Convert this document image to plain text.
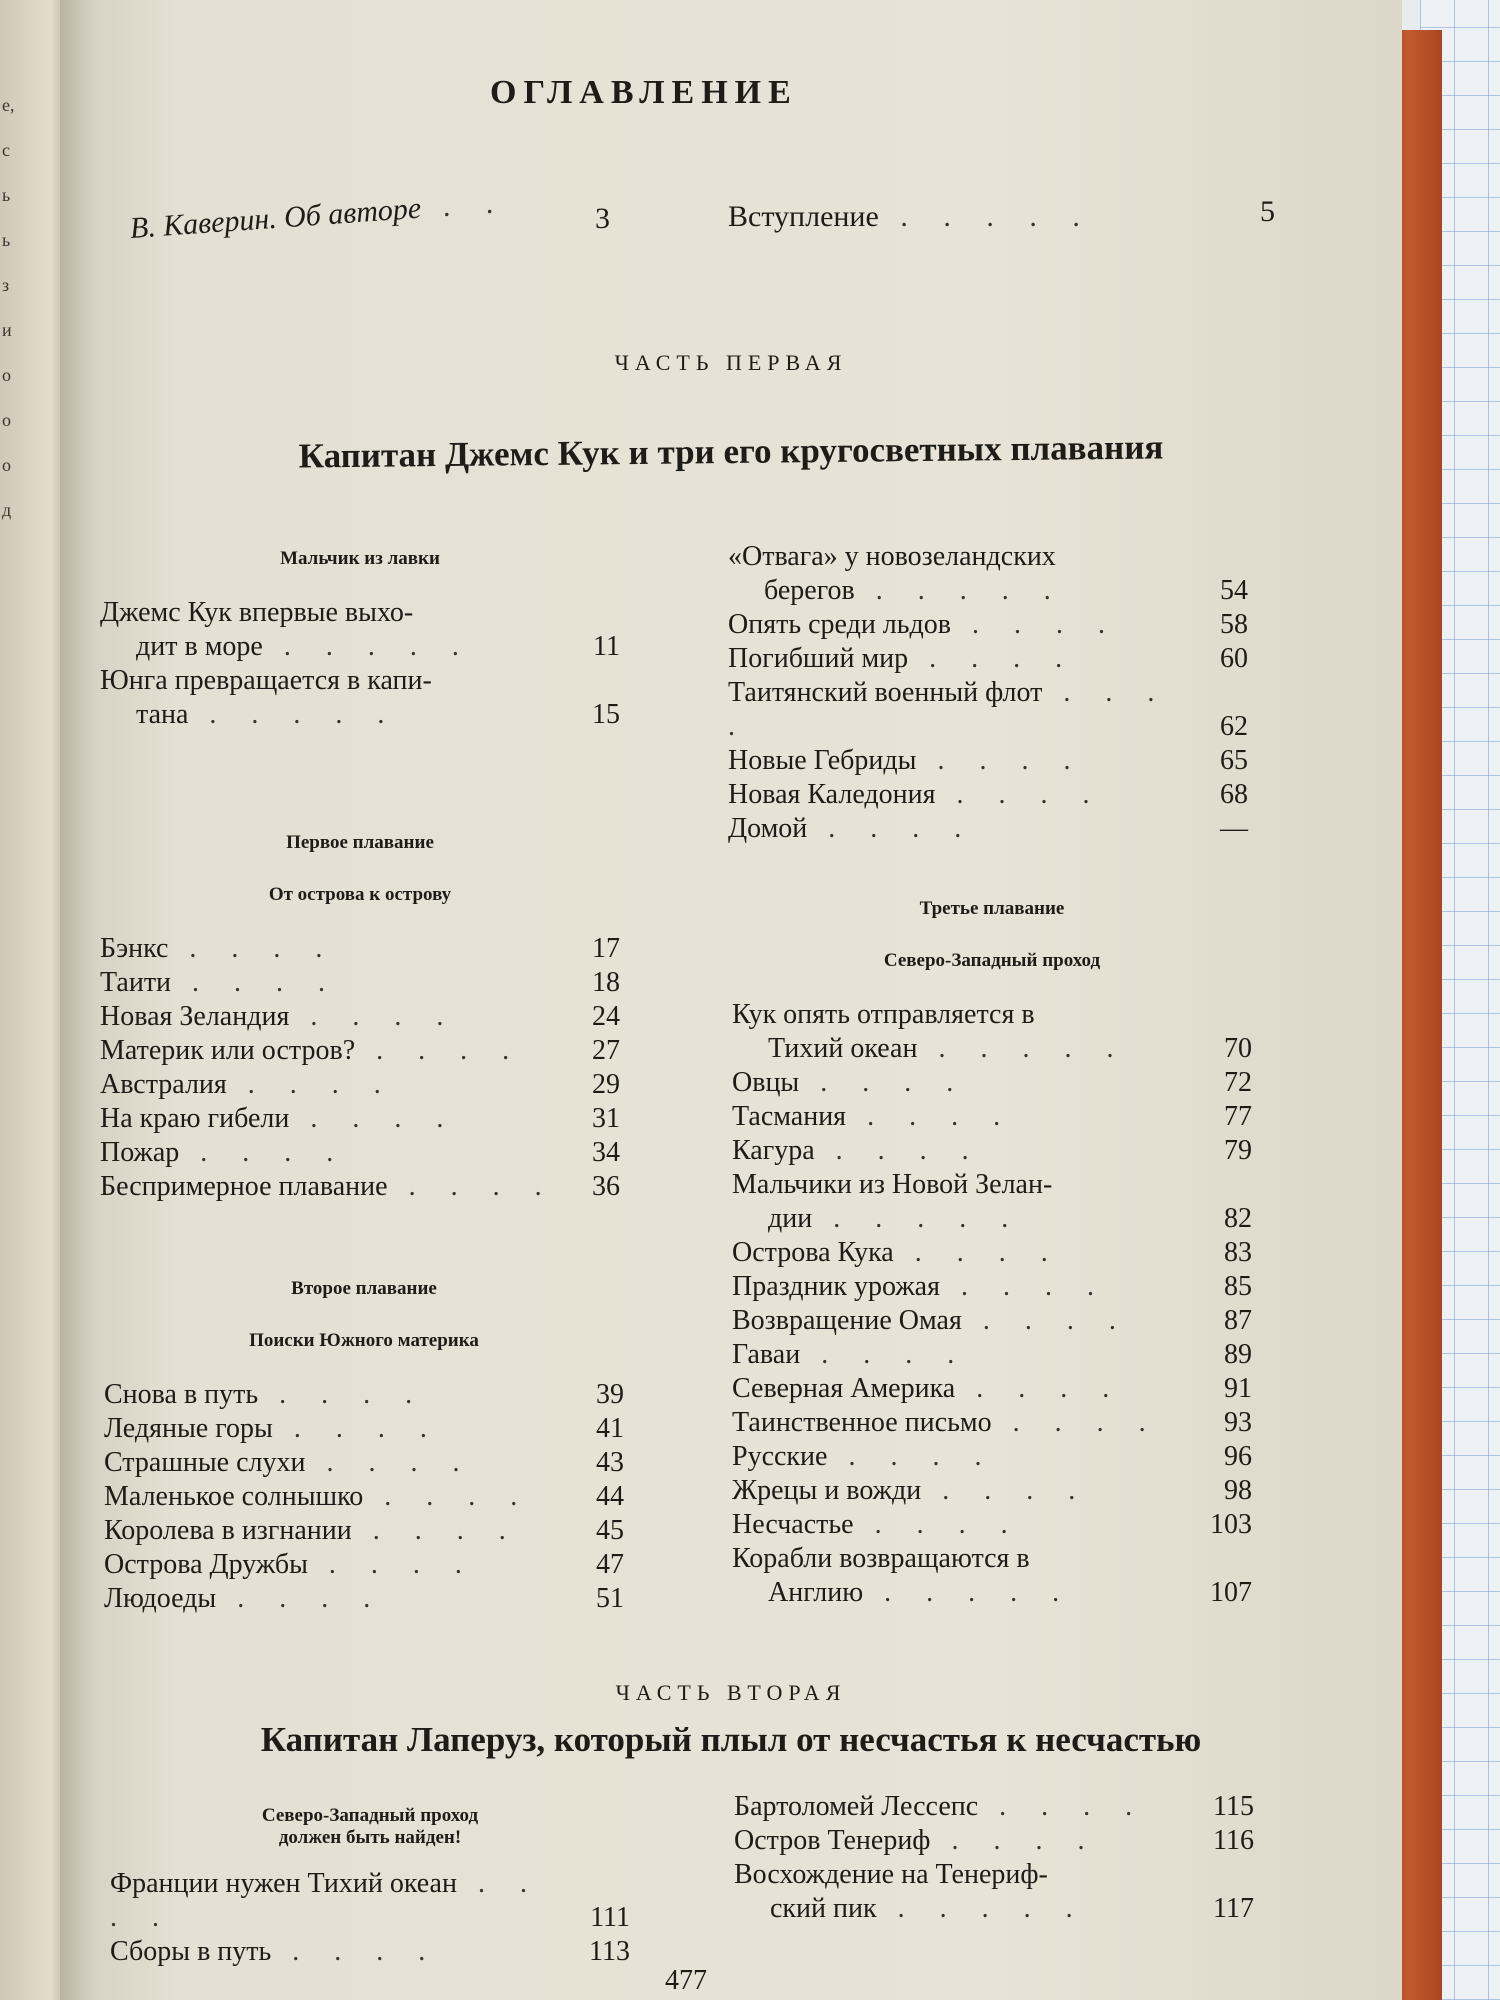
е,
с
ь
ь
з
и
о
о
о
д
ОГЛАВЛЕНИЕ
В. Каверин. Об авторе . .	3	Вступление . . . . .	5
ЧАСТЬ ПЕРВАЯ
Капитан Джемс Кук и три его кругосветных плавания
Мальчик из лавки
Джемс Кук впервые выхо-
дит в море . . . . .	11
Юнга превращается в капи-
тана . . . . .	15
Первое плавание
От острова к острову
Бэнкс . . . .	17
Таити . . . .	18
Новая Зеландия . . . .	24
Материк или остров? . . . .	27
Австралия . . . .	29
На краю гибели . . . .	31
Пожар . . . .	34
Беспримерное плавание . . . .	36
Второе плавание
Поиски Южного материка
Снова в путь . . . .	39
Ледяные горы . . . .	41
Страшные слухи . . . .	43
Маленькое солнышко . . . .	44
Королева в изгнании . . . .	45
Острова Дружбы . . . .	47
Людоеды . . . .	51
«Отвага» у новозеландских
берегов . . . . .	54
Опять среди льдов . . . .	58
Погибший мир . . . .	60
Таитянский военный флот . . . .	62
Новые Гебриды . . . .	65
Новая Каледония . . . .	68
Домой . . . .	—
Третье плавание
Северо-Западный проход
Кук опять отправляется в
Тихий океан . . . . .	70
Овцы . . . .	72
Тасмания . . . .	77
Кагура . . . .	79
Мальчики из Новой Зелан-
дии . . . . .	82
Острова Кука . . . .	83
Праздник урожая . . . .	85
Возвращение Омая . . . .	87
Гаваи . . . .	89
Северная Америка . . . .	91
Таинственное письмо . . . .	93
Русские . . . .	96
Жрецы и вожди . . . .	98
Несчастье . . . .	103
Корабли возвращаются в
Англию . . . . .	107
ЧАСТЬ ВТОРАЯ
Капитан Лаперуз, который плыл от несчастья к несчастью
Северо-Западный проход
должен быть найден!
Франции нужен Тихий океан . . . .	111
Сборы в путь . . . .	113
Бартоломей Лессепс . . . .	115
Остров Тенериф . . . .	116
Восхождение на Тенериф-
ский пик . . . . .	117
477
